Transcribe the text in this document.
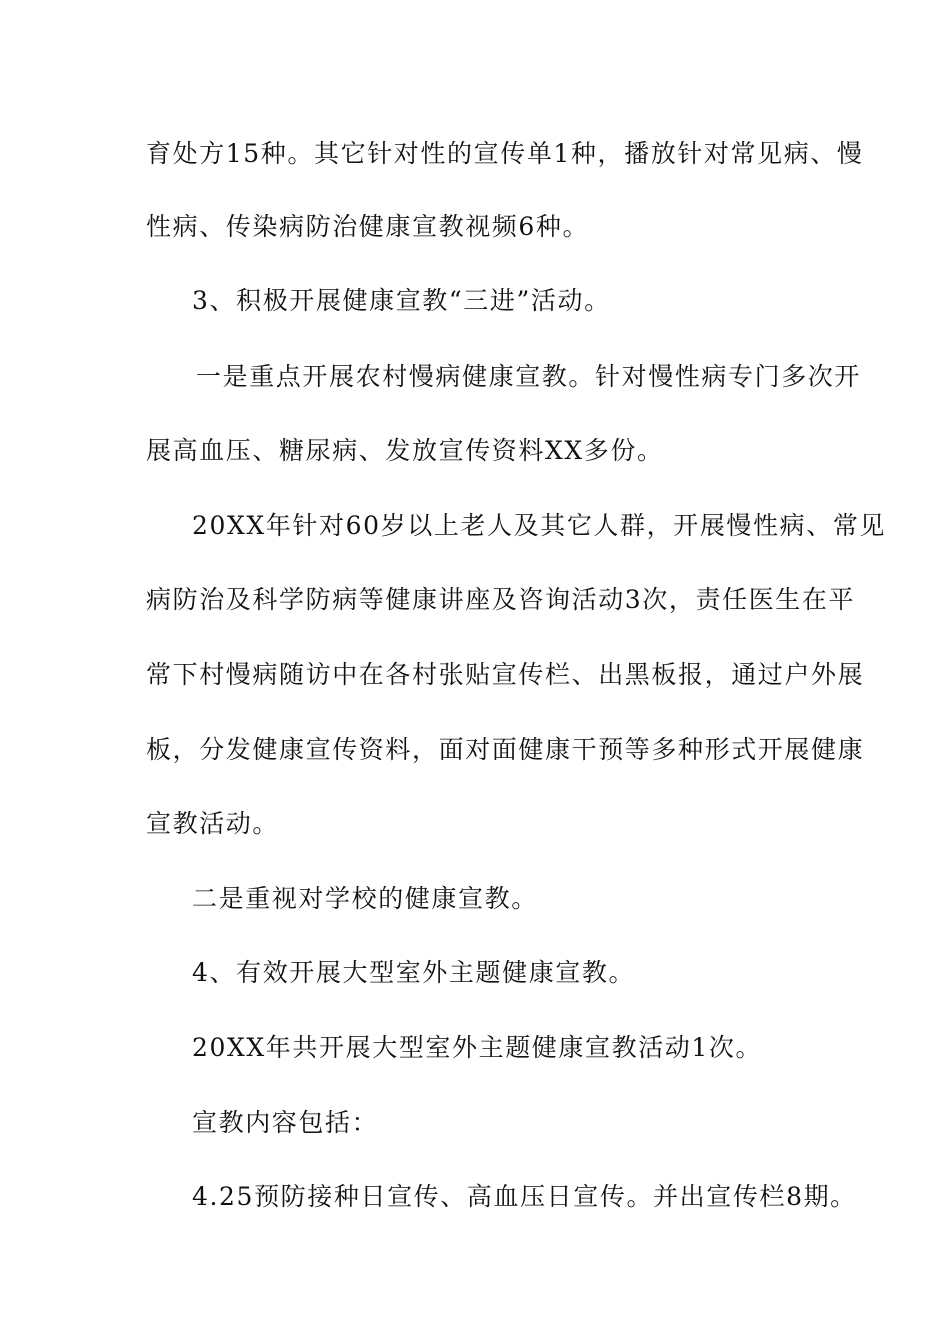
育处方15种。其它针对性的宣传单1种，播放针对常见病、慢
性病、传染病防治健康宣教视频6种。
3、积极开展健康宣教“三进”活动。
一是重点开展农村慢病健康宣教。针对慢性病专门多次开
展高血压、糖尿病、发放宣传资料XX多份。
20XX年针对60岁以上老人及其它人群，开展慢性病、常见
病防治及科学防病等健康讲座及咨询活动3次，责任医生在平
常下村慢病随访中在各村张贴宣传栏、出黑板报，通过户外展
板，分发健康宣传资料，面对面健康干预等多种形式开展健康
宣教活动。
二是重视对学校的健康宣教。
4、有效开展大型室外主题健康宣教。
20XX年共开展大型室外主题健康宣教活动1次。
宣教内容包括：
4.25预防接种日宣传、高血压日宣传。并出宣传栏8期。
